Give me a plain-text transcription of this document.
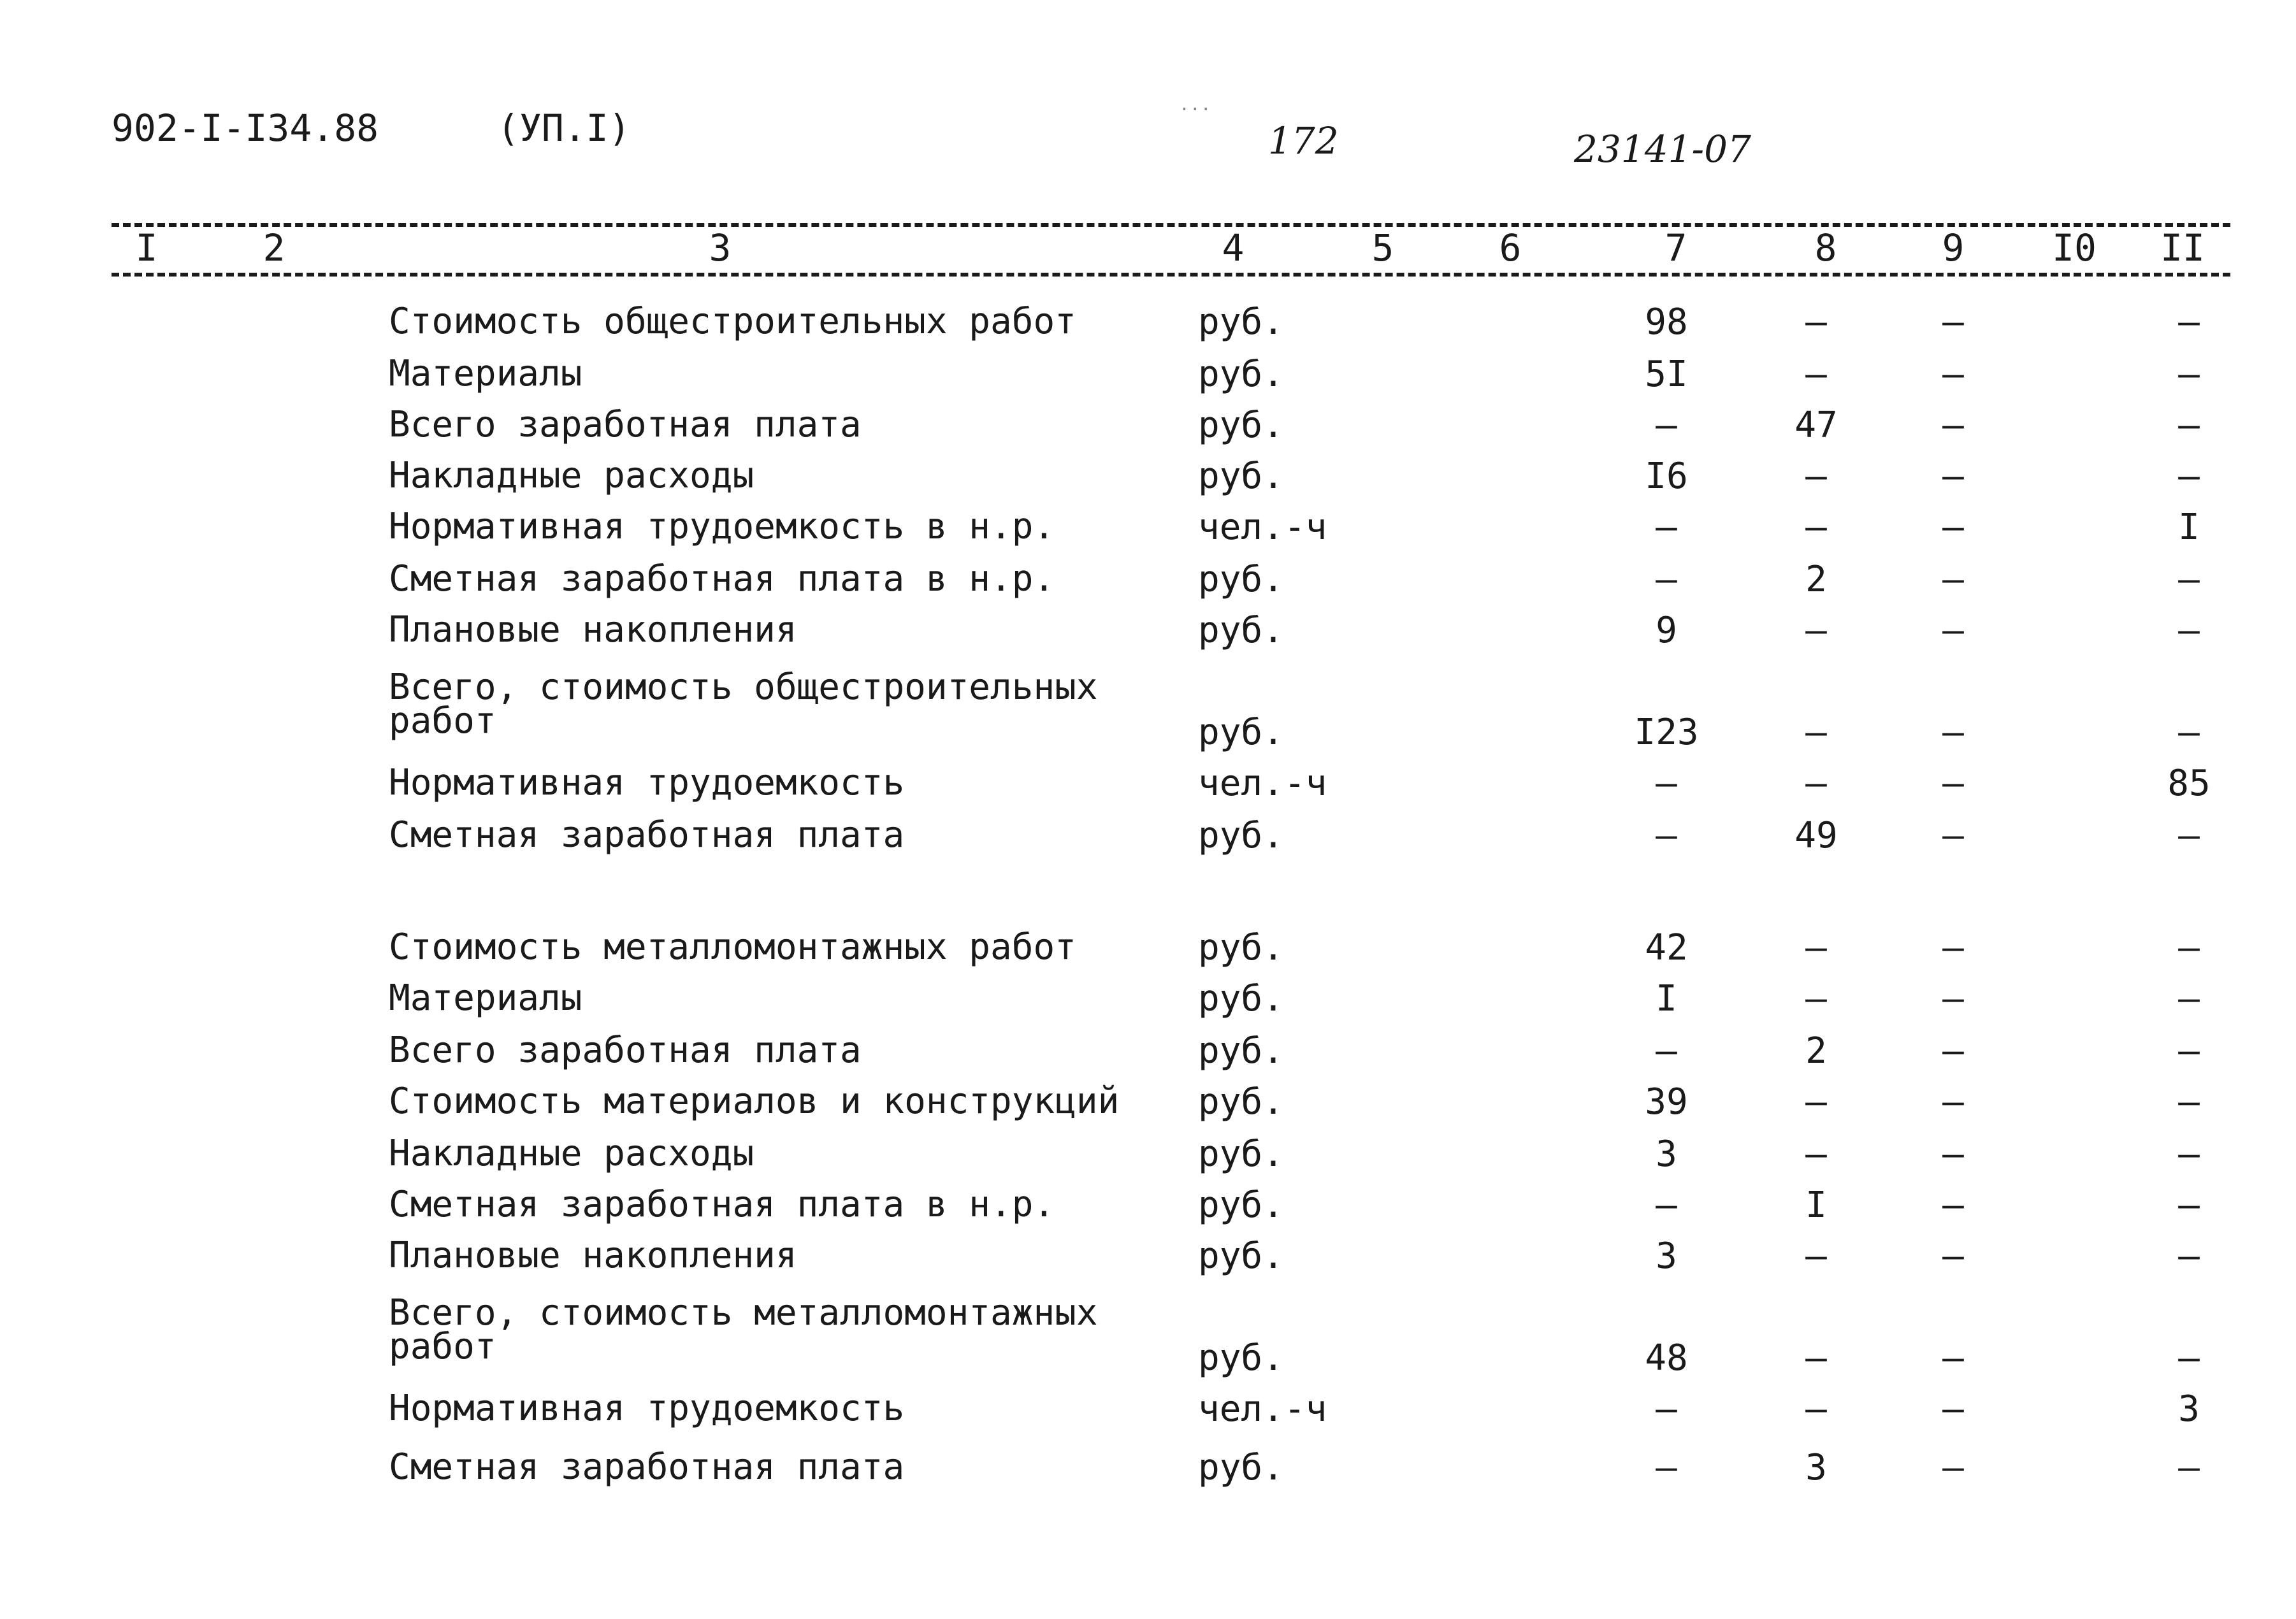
902-I-I34.88	(УП.I)
...
172	23141-07
I	2	3	4	5	6	7	8	9	I0	II
Стоимость общестроительных работ	руб.	98	–	–	–
Материалы	руб.	5I	–	–	–
Всего заработная плата	руб.	–	47	–	–
Накладные расходы	руб.	I6	–	–	–
Нормативная трудоемкость в н.р.	чел.-ч	–	–	–	I
Сметная заработная плата в н.р.	руб.	–	2	–	–
Плановые накопления	руб.	9	–	–	–
Всего, стоимость общестроительных
работ	руб.	I23	–	–	–
Нормативная трудоемкость	чел.-ч	–	–	–	85
Сметная заработная плата	руб.	–	49	–	–
Стоимость металломонтажных работ	руб.	42	–	–	–
Материалы	руб.	I	–	–	–
Всего заработная плата	руб.	–	2	–	–
Стоимость материалов и конструкций руб.	39	–	–	–
Накладные расходы	руб.	3	–	–	–
Сметная заработная плата в н.р.	руб.	–	I	–	–
Плановые накопления	руб.	3	–	–	–
Всего, стоимость металломонтажных
работ	руб.	48	–	–	–
Нормативная трудоемкость	чел.-ч	–	–	–	3
Сметная заработная плата	руб.	–	3	–	–
